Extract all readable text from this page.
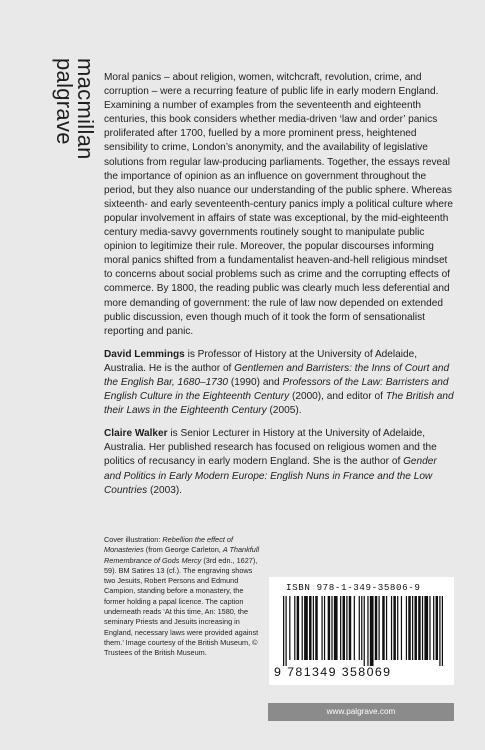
palgrave
macmillan Moral panics – about religion, women, witchcraft, revolution, crime, and corruption – were a recurring feature of public life in early modern England. Examining a number of examples from the seventeenth and eighteenth centuries, this book considers whether media-driven ‘law and order’ panics proliferated after 1700, fuelled by a more prominent press, heightened sensibility to crime, London’s anonymity, and the availability of legislative solutions from regular law-producing parliaments. Together, the essays reveal the importance of opinion as an influence on government throughout the period, but they also nuance our understanding of the public sphere. Whereas sixteenth- and early seventeenth-century panics imply a political culture where popular involvement in affairs of state was exceptional, by the mid-eighteenth century media-savvy governments routinely sought to manipulate public opinion to legitimize their rule. Moreover, the popular discourses informing moral panics shifted from a fundamentalist heaven-and-hell religious mindset to concerns about social problems such as crime and the corrupting effects of commerce. By 1800, the reading public was clearly much less deferential and more demanding of government: the rule of law now depended on extended public discussion, even though much of it took the form of sensationalist reporting and panic.

David Lemmings is Professor of History at the University of Adelaide, Australia. He is the author of Gentlemen and Barristers: the Inns of Court and the English Bar, 1680–1730 (1990) and Professors of the Law: Barristers and English Culture in the Eighteenth Century (2000), and editor of The British and their Laws in the Eighteenth Century (2005).

Claire Walker is Senior Lecturer in History at the University of Adelaide, Australia. Her published research has focused on religious women and the politics of recusancy in early modern England. She is the author of Gender and Politics in Early Modern Europe: English Nuns in France and the Low Countries (2003).

Cover illustration: Rebellion the effect of Monasteries (from George Carleton, A Thankfull Remembrance of Gods Mercy (3rd edn., 1627), 59). BM Satires 13 (cf.). The engraving shows two Jesuits, Robert Persons and Edmund Campion, standing before a monastery, the former holding a papal licence. The caption underneath reads ‘At this time, An: 1580, the seminary Priests and Jesuits increasing in England, necessary laws were provided against them.’ Image courtesy of the British Museum, © Trustees of the British Museum.
ISBN 978-1-349-35806-9
9 781349 358069
www.palgrave.com
